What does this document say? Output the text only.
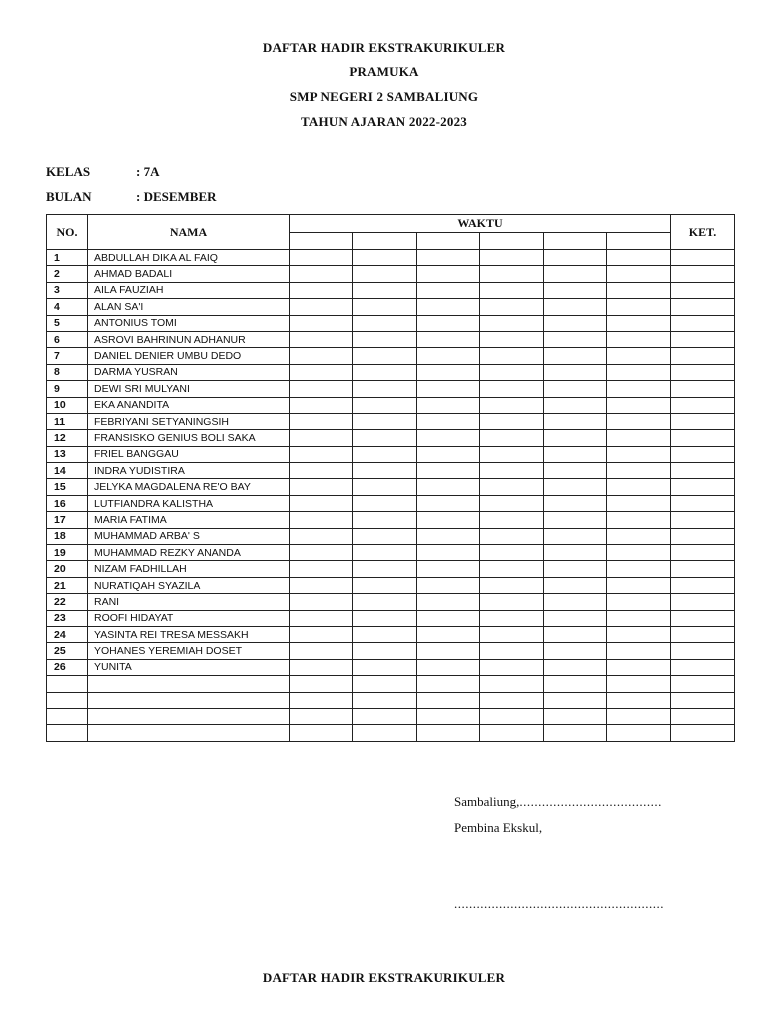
DAFTAR HADIR EKSTRAKURIKULER
PRAMUKA
SMP NEGERI 2 SAMBALIUNG
TAHUN AJARAN 2022-2023
KELAS	: 7A
BULAN	: DESEMBER
NO.	NAMA	WAKTU						KET.

1	ABDULLAH DIKA AL FAIQ							
2	AHMAD BADALI							
3	AILA FAUZIAH							
4	ALAN SA'I							
5	ANTONIUS TOMI							
6	ASROVI BAHRINUN ADHANUR							
7	DANIEL DENIER UMBU DEDO							
8	DARMA YUSRAN							
9	DEWI SRI MULYANI							
10	EKA ANANDITA							
11	FEBRIYANI SETYANINGSIH							
12	FRANSISKO GENIUS BOLI SAKA							
13	FRIEL BANGGAU							
14	INDRA YUDISTIRA							
15	JELYKA MAGDALENA RE'O BAY							
16	LUTFIANDRA KALISTHA							
17	MARIA FATIMA							
18	MUHAMMAD ARBA' S							
19	MUHAMMAD REZKY ANANDA							
20	NIZAM FADHILLAH							
21	NURATIQAH SYAZILA							
22	RANI							
23	ROOFI HIDAYAT							
24	YASINTA REI TRESA MESSAKH							
25	YOHANES YEREMIAH DOSET							
26	YUNITA							

Sambaliung,......................................
Pembina Ekskul,
........................................................
DAFTAR HADIR EKSTRAKURIKULER
